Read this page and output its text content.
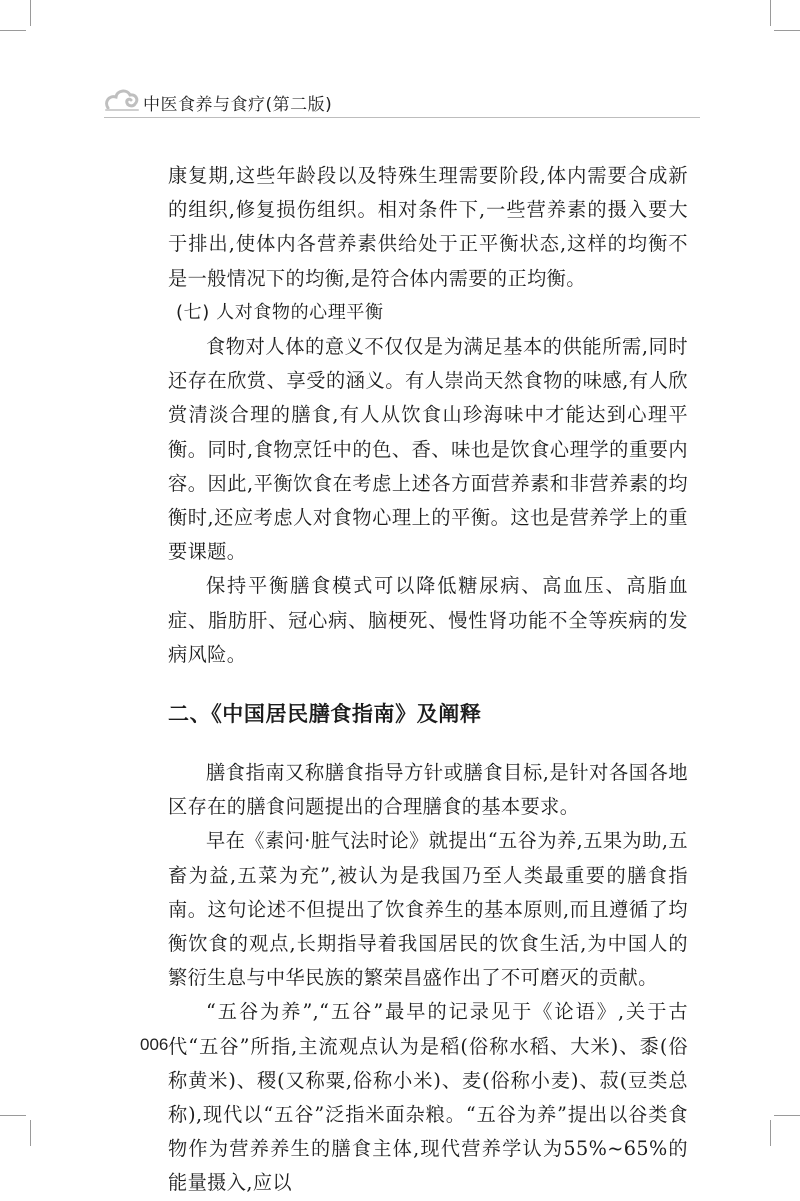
中医食养与食疗(第二版)

康复期,这些年龄段以及特殊生理需要阶段,体内需要合成新的组织,修复损伤组织。相对条件下,一些营养素的摄入要大于排出,使体内各营养素供给处于正平衡状态,这样的均衡不是一般情况下的均衡,是符合体内需要的正均衡。

(七) 人对食物的心理平衡

食物对人体的意义不仅仅是为满足基本的供能所需,同时还存在欣赏、享受的涵义。有人崇尚天然食物的味感,有人欣赏清淡合理的膳食,有人从饮食山珍海味中才能达到心理平衡。同时,食物烹饪中的色、香、味也是饮食心理学的重要内容。因此,平衡饮食在考虑上述各方面营养素和非营养素的均衡时,还应考虑人对食物心理上的平衡。这也是营养学上的重要课题。

保持平衡膳食模式可以降低糖尿病、高血压、高脂血症、脂肪肝、冠心病、脑梗死、慢性肾功能不全等疾病的发病风险。

二、《中国居民膳食指南》及阐释

膳食指南又称膳食指导方针或膳食目标,是针对各国各地区存在的膳食问题提出的合理膳食的基本要求。

早在《素问·脏气法时论》就提出“五谷为养,五果为助,五畜为益,五菜为充”,被认为是我国乃至人类最重要的膳食指南。这句论述不但提出了饮食养生的基本原则,而且遵循了均衡饮食的观点,长期指导着我国居民的饮食生活,为中国人的繁衍生息与中华民族的繁荣昌盛作出了不可磨灭的贡献。

“五谷为养”,“五谷”最早的记录见于《论语》,关于古代“五谷”所指,主流观点认为是稻(俗称水稻、大米)、黍(俗称黄米)、稷(又称粟,俗称小米)、麦(俗称小麦)、菽(豆类总称),现代以“五谷”泛指米面杂粮。“五谷为养”提出以谷类食物作为营养养生的膳食主体,现代营养学认为55%~65%的能量摄入,应以

006
